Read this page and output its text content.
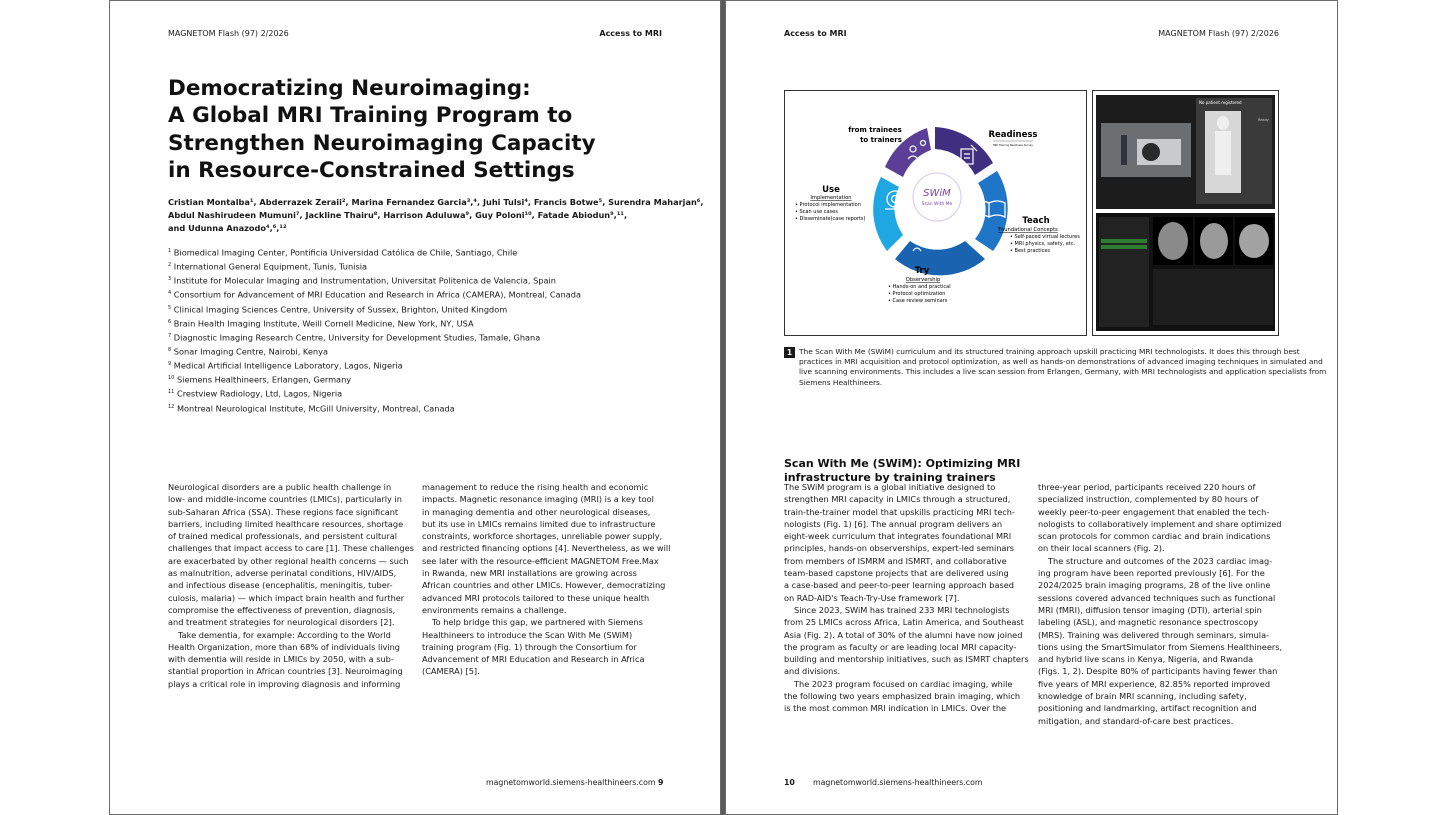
MAGNETOM Flash (97) 2/2026	Access to MRI
Democratizing Neuroimaging:
A Global MRI Training Program to
Strengthen Neuroimaging Capacity
in Resource-Constrained Settings
Cristian Montalba¹, Abderrazek Zeraii², Marina Fernandez Garcia³,⁴, Juhi Tulsi⁴, Francis Botwe⁵, Surendra Maharjan⁶,
Abdul Nashirudeen Mumuni⁷, Jackline Thairu⁸, Harrison Aduluwa⁹, Guy Poloni¹⁰, Fatade Abiodun⁹,¹¹,
and Udunna Anazodo⁴,⁶,¹²
$^1$ Biomedical Imaging Center, Pontificia Universidad Católica de Chile, Santiago, Chile
$^2$ International General Equipment, Tunis, Tunisia
$^3$ Institute for Molecular Imaging and Instrumentation, Universitat Politenica de Valencia, Spain
$^4$ Consortium for Advancement of MRI Education and Research in Africa (CAMERA), Montreal, Canada
$^5$ Clinical Imaging Sciences Centre, University of Sussex, Brighton, United Kingdom
$^6$ Brain Health Imaging Institute, Weill Cornell Medicine, New York, NY, USA
$^7$ Diagnostic Imaging Research Centre, University for Development Studies, Tamale, Ghana
$^8$ Sonar Imaging Centre, Nairobi, Kenya
$^9$ Medical Artificial Intelligence Laboratory, Lagos, Nigeria
$^{10}$ Siemens Healthineers, Erlangen, Germany
$^{11}$ Crestview Radiology, Ltd, Lagos, Nigeria
$^{12}$ Montreal Neurological Institute, McGill University, Montreal, Canada
Neurological disorders are a public health challenge in
low- and middle-income countries (LMICs), particularly in
sub-Saharan Africa (SSA). These regions face significant
barriers, including limited healthcare resources, shortage
of trained medical professionals, and persistent cultural
challenges that impact access to care [1]. These challenges
are exacerbated by other regional health concerns — such
as malnutrition, adverse perinatal conditions, HIV/AIDS,
and infectious disease (encephalitis, meningitis, tuber-
culosis, malaria) — which impact brain health and further
compromise the effectiveness of prevention, diagnosis,
and treatment strategies for neurological disorders [2].
Take dementia, for example: According to the World
Health Organization, more than 68% of individuals living
with dementia will reside in LMICs by 2050, with a sub-
stantial proportion in African countries [3]. Neuroimaging
plays a critical role in improving diagnosis and informing
management to reduce the rising health and economic
impacts. Magnetic resonance imaging (MRI) is a key tool
in managing dementia and other neurological diseases,
but its use in LMICs remains limited due to infrastructure
constraints, workforce shortages, unreliable power supply,
and restricted financing options [4]. Nevertheless, as we will
see later with the resource-efficient MAGNETOM Free.Max
in Rwanda, new MRI installations are growing across
African countries and other LMICs. However, democratizing
advanced MRI protocols tailored to these unique health
environments remains a challenge.
To help bridge this gap, we partnered with Siemens
Healthineers to introduce the Scan With Me (SWiM)
training program (Fig. 1) through the Consortium for
Advancement of MRI Education and Research in Africa
(CAMERA) [5].
magnetomworld.siemens-healthineers.com 9
Access to MRI	MAGNETOM Flash (97) 2/2026
SWiM
Scan With Me
from trainees
to trainers	Readiness
MRI Training Readiness Survey
Teach
Foundational Concepts
• Self-paced virtual lectures
• MRI physics, safety, etc.
• Best practices
Try
Observership
• Hands-on and practical
• Protocol optimization
• Case review seminars
Use
Implementation
• Protocol implementation
• Scan use cases
• Disseminate(case reports)
No patient registered
Ready
1 The Scan With Me (SWiM) curriculum and its structured training approach upskill practicing MRI technologists. It does this through best
practices in MRI acquisition and protocol optimization, as well as hands-on demonstrations of advanced imaging techniques in simulated and
live scanning environments. This includes a live scan session from Erlangen, Germany, with MRI technologists and application specialists from
Siemens Healthineers.
Scan With Me (SWiM): Optimizing MRI
infrastructure by training trainers
The SWiM program is a global initiative designed to
strengthen MRI capacity in LMICs through a structured,
train-the-trainer model that upskills practicing MRI tech-
nologists (Fig. 1) [6]. The annual program delivers an
eight-week curriculum that integrates foundational MRI
principles, hands-on observerships, expert-led seminars
from members of ISMRM and ISMRT, and collaborative
team-based capstone projects that are delivered using
a case-based and peer-to-peer learning approach based
on RAD-AID's Teach-Try-Use framework [7].
Since 2023, SWiM has trained 233 MRI technologists
from 25 LMICs across Africa, Latin America, and Southeast
Asia (Fig. 2). A total of 30% of the alumni have now joined
the program as faculty or are leading local MRI capacity-
building and mentorship initiatives, such as ISMRT chapters
and divisions.
The 2023 program focused on cardiac imaging, while
the following two years emphasized brain imaging, which
is the most common MRI indication in LMICs. Over the
three-year period, participants received 220 hours of
specialized instruction, complemented by 80 hours of
weekly peer-to-peer engagement that enabled the tech-
nologists to collaboratively implement and share optimized
scan protocols for common cardiac and brain indications
on their local scanners (Fig. 2).
The structure and outcomes of the 2023 cardiac imag-
ing program have been reported previously [6]. For the
2024/2025 brain imaging programs, 28 of the live online
sessions covered advanced techniques such as functional
MRI (fMRI), diffusion tensor imaging (DTI), arterial spin
labeling (ASL), and magnetic resonance spectroscopy
(MRS). Training was delivered through seminars, simula-
tions using the SmartSimulator from Siemens Healthineers,
and hybrid live scans in Kenya, Nigeria, and Rwanda
(Figs. 1, 2). Despite 80% of participants having fewer than
five years of MRI experience, 82.85% reported improved
knowledge of brain MRI scanning, including safety,
positioning and landmarking, artifact recognition and
mitigation, and standard-of-care best practices.
10 magnetomworld.siemens-healthineers.com
